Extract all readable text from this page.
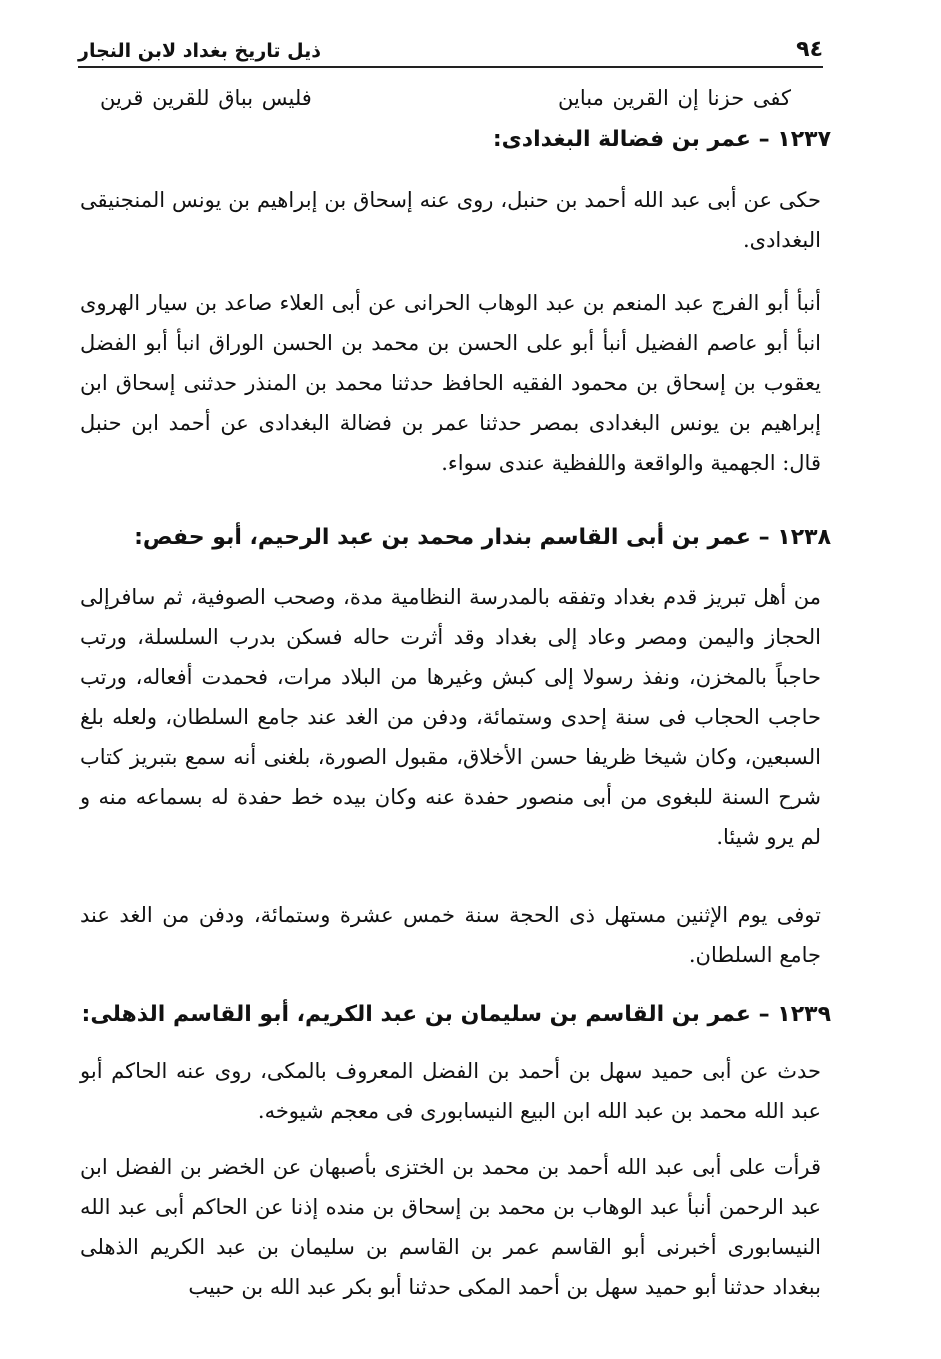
٩٤
ذيل تاريخ بغداد لابن النجار
كفى حزنا إن القرين مباين
فليس بباق للقرين قرين
١٢٣٧ – عمر بن فضالة البغدادى:

حكى عن أبى عبد الله أحمد بن حنبل، روى عنه إسحاق بن إبراهيم بن يونس المنجنيقى البغدادى.

أنبأ أبو الفرج عبد المنعم بن عبد الوهاب الحرانى عن أبى العلاء صاعد بن سيار الهروى انبأ أبو عاصم الفضيل أنبأ أبو على الحسن بن محمد بن الحسن الوراق انبأ أبو الفضل يعقوب بن إسحاق بن محمود الفقيه الحافظ حدثنا محمد بن المنذر حدثنى إسحاق ابن إبراهيم بن يونس البغدادى بمصر حدثنا عمر بن فضالة البغدادى عن أحمد ابن حنبل قال: الجهمية والواقعة واللفظية عندى سواء.

١٢٣٨ – عمر بن أبى القاسم بندار محمد بن عبد الرحيم، أبو حفص:

من أهل تبريز قدم بغداد وتفقه بالمدرسة النظامية مدة، وصحب الصوفية، ثم سافرإلى الحجاز واليمن ومصر وعاد إلى بغداد وقد أثرت حاله فسكن بدرب السلسلة، ورتب حاجباً بالمخزن، ونفذ رسولا إلى كبش وغيرها من البلاد مرات، فحمدت أفعاله، ورتب حاجب الحجاب فى سنة إحدى وستمائة، ودفن من الغد عند جامع السلطان، ولعله بلغ السبعين، وكان شيخا ظريفا حسن الأخلاق، مقبول الصورة، بلغنى أنه سمع بتبريز كتاب شرح السنة للبغوى من أبى منصور حفدة عنه وكان بيده خط حفدة له بسماعه منه و لم يرو شيئا.

توفى يوم الإثنين مستهل ذى الحجة سنة خمس عشرة وستمائة، ودفن من الغد عند جامع السلطان.

١٢٣٩ – عمر بن القاسم بن سليمان بن عبد الكريم، أبو القاسم الذهلى:

حدث عن أبى حميد سهل بن أحمد بن الفضل المعروف بالمكى، روى عنه الحاكم أبو عبد الله محمد بن عبد الله ابن البيع النيسابورى فى معجم شيوخه.

قرأت على أبى عبد الله أحمد بن محمد بن الختزى بأصبهان عن الخضر بن الفضل ابن عبد الرحمن أنبأ عبد الوهاب بن محمد بن إسحاق بن منده إذنا عن الحاكم أبى عبد الله النيسابورى أخبرنى أبو القاسم عمر بن القاسم بن سليمان بن عبد الكريم الذهلى ببغداد حدثنا أبو حميد سهل بن أحمد المكى حدثنا أبو بكر عبد الله بن حبيب
